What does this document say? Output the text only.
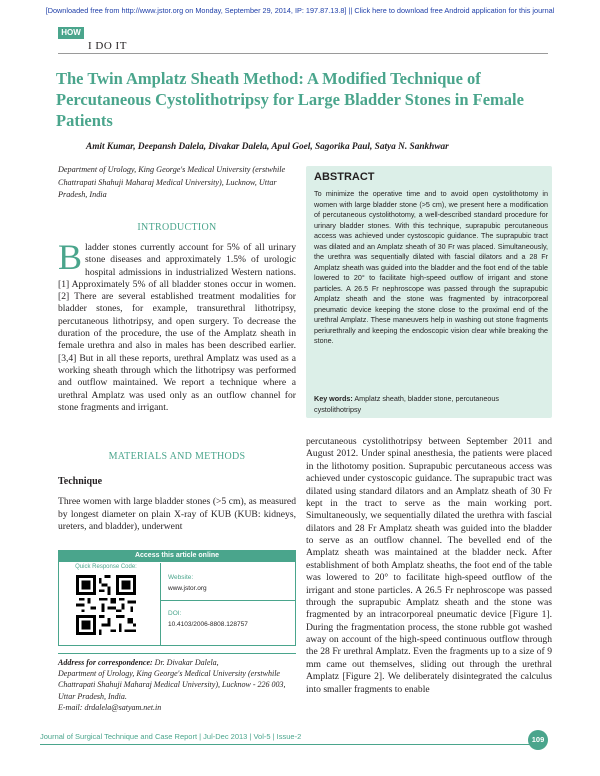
[Downloaded free from http://www.jstor.org on Monday, September 29, 2014, IP: 197.87.13.8] || Click here to download free Android application for this journal
HOW
I DO IT
The Twin Amplatz Sheath Method: A Modified Technique of Percutaneous Cystolithotripsy for Large Bladder Stones in Female Patients
Amit Kumar, Deepansh Dalela, Divakar Dalela, Apul Goel, Sagorika Paul, Satya N. Sankhwar
Department of Urology, King George's Medical University (erstwhile Chattrapati Shahuji Maharaj Medical University), Lucknow, Uttar Pradesh, India
ABSTRACT
To minimize the operative time and to avoid open cystolithotomy in women with large bladder stone (>5 cm), we present here a modification of percutaneous cystolithotomy, a well-described standard procedure for urinary bladder stones. With this technique, suprapubic percutaneous access was achieved under cystoscopic guidance. The suprapubic tract was dilated and an Amplatz sheath of 30 Fr was placed. Simultaneously, the urethra was sequentially dilated with fascial dilators and a 28 Fr Amplatz sheath was guided into the bladder and the foot end of the table lowered to 20° to facilitate high-speed outflow of irrigant and stone particles. A 26.5 Fr nephroscope was passed through the suprapubic Amplatz sheath and the stone was fragmented by intracorporeal pneumatic device keeping the stone close to the proximal end of the urethral Amplatz. These maneuvers help in washing out stone fragments periurethrally and keeping the endoscopic vision clear while breaking the stone.
Key words: Amplatz sheath, bladder stone, percutaneous cystolithotripsy
INTRODUCTION
Bladder stones currently account for 5% of all urinary stone diseases and approximately 1.5% of urologic hospital admissions in industrialized Western nations.[1] Approximately 5% of all bladder stones occur in women.[2] There are several established treatment modalities for bladder stones, for example, transurethral lithotripsy, percutaneous lithotripsy, and open surgery. To decrease the duration of the procedure, the use of the Amplatz sheath in female urethra and also in males has been described earlier.[3,4] But in all these reports, urethral Amplatz was used as a working sheath through which the lithotripsy was performed and outflow maintained. We report a technique where a urethral Amplatz was used only as an outflow channel for stone fragments and irrigant.
MATERIALS AND METHODS
Technique
Three women with large bladder stones (>5 cm), as measured by longest diameter on plain X-ray of KUB (KUB: kidneys, ureters, and bladder), underwent
Access this article online
Quick Response Code:
Website:
www.jstor.org
DOI:
10.4103/2006-8808.128757
Address for correspondence: Dr. Divakar Dalela,
Department of Urology, King George's Medical University (erstwhile Chattrapati Shahuji Maharaj Medical University), Lucknow - 226 003, Uttar Pradesh, India.
E-mail: drdalela@satyam.net.in
percutaneous cystolithotripsy between September 2011 and August 2012. Under spinal anesthesia, the patients were placed in the lithotomy position. Suprapubic percutaneous access was achieved under cystoscopic guidance. The suprapubic tract was dilated using standard dilators and an Amplatz sheath of 30 Fr kept in the tract to serve as the main working port. Simultaneously, we sequentially dilated the urethra with fascial dilators and 28 Fr Amplatz sheath was guided into the bladder to serve as an outflow channel. The bevelled end of the Amplatz sheath was maintained at the bladder neck. After establishment of both Amplatz sheaths, the foot end of the table was lowered to 20° to facilitate high-speed outflow of the irrigant and stone particles. A 26.5 Fr nephroscope was passed through the suprapubic Amplatz sheath and the stone was fragmented by an intracorporeal pneumatic device [Figure 1]. During the fragmentation process, the stone rubble got washed away on account of the high-speed continuous outflow through the 28 Fr urethral Amplatz. Even the fragments up to a size of 9 mm came out themselves, sliding out through the urethral Amplatz [Figure 2]. We deliberately disintegrated the calculus into smaller fragments to enable
Journal of Surgical Technique and Case Report | Jul-Dec 2013 | Vol-5 | Issue-2	109
